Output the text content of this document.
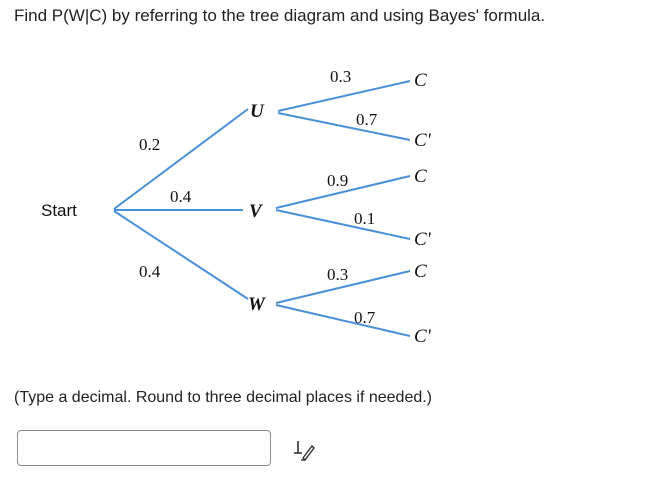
Find P(W|C) by referring to the tree diagram and using Bayes' formula.
Start
U
V
W
0.2
0.4
0.4
0.3
0.7
0.9
0.1
0.3
0.7
C
C'
C
C'
C
C'
(Type a decimal. Round to three decimal places if needed.)
